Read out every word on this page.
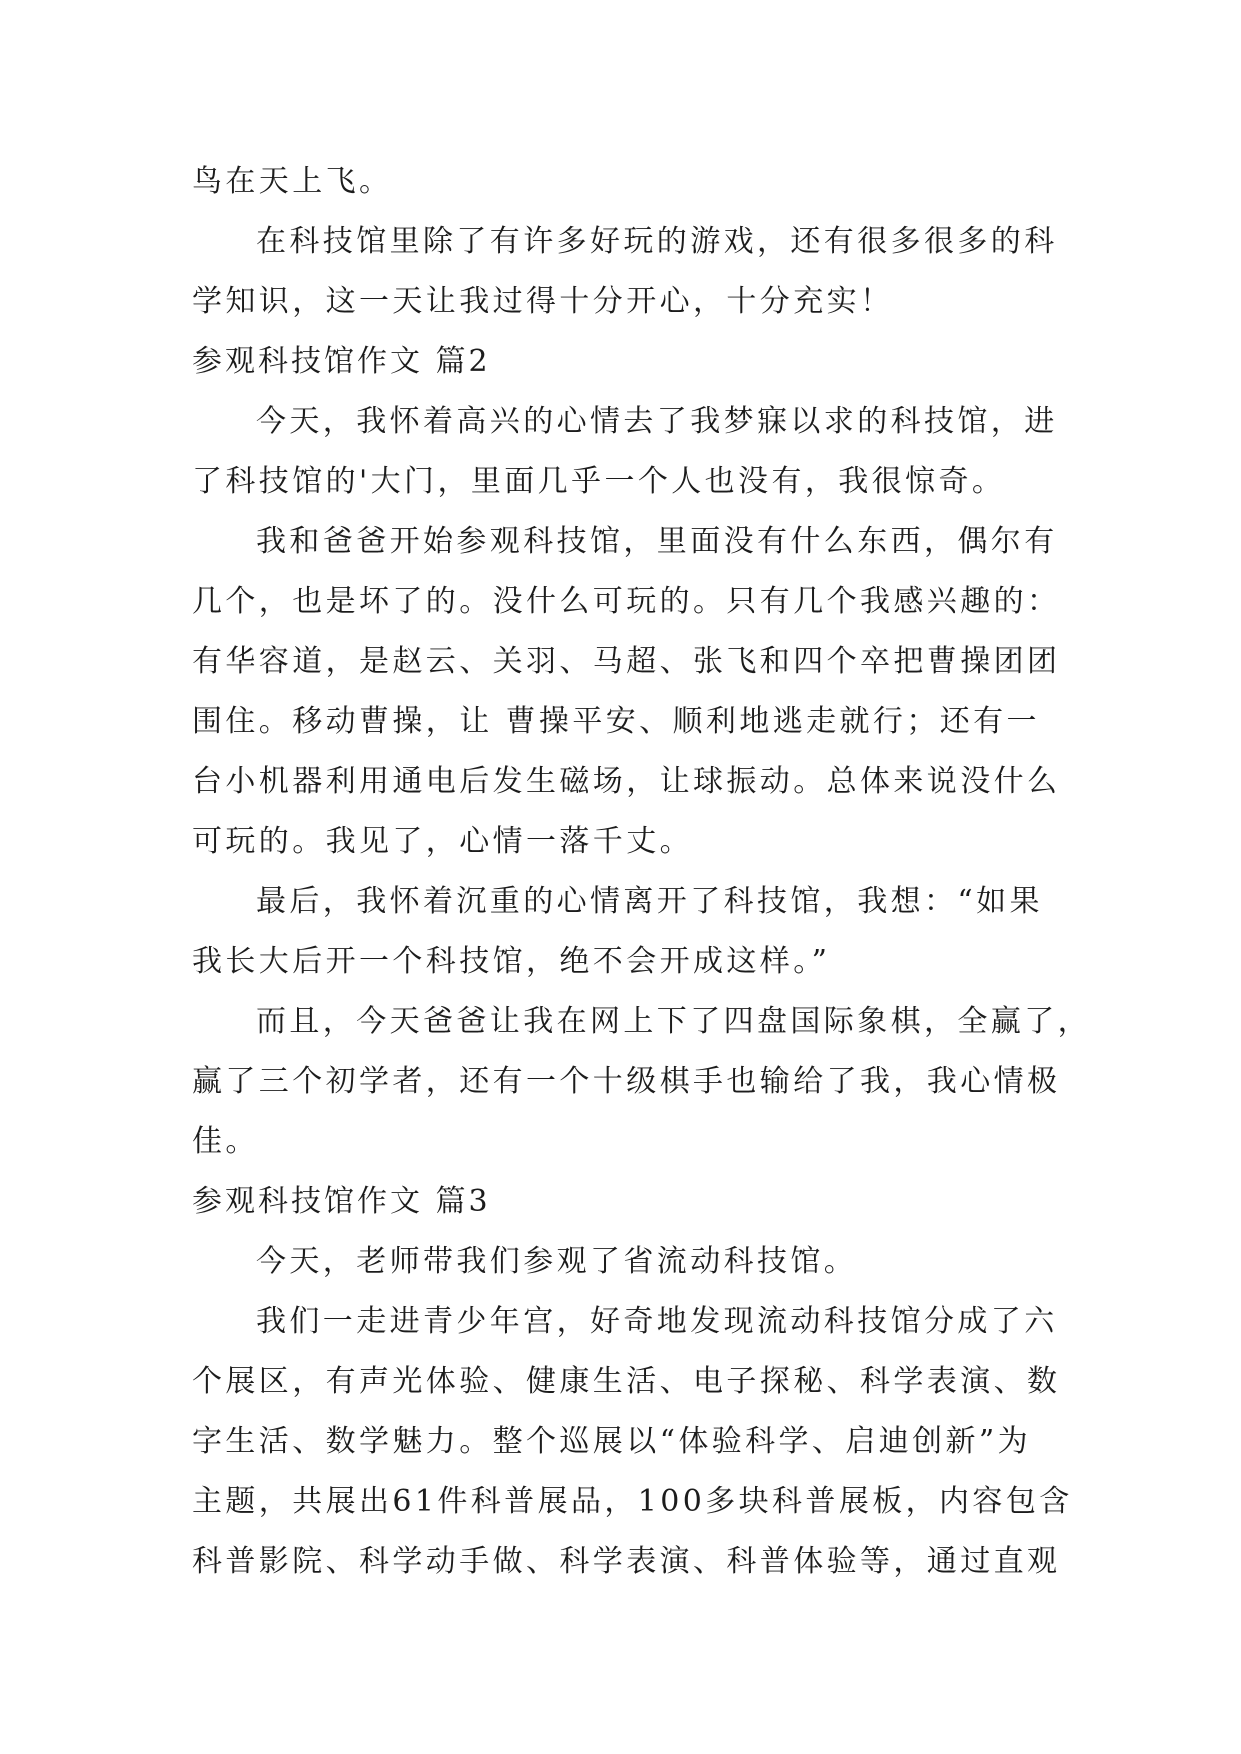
鸟在天上飞。
在科技馆里除了有许多好玩的游戏，还有很多很多的科
学知识，这一天让我过得十分开心，十分充实！
参观科技馆作文 篇2
今天，我怀着高兴的心情去了我梦寐以求的科技馆，进
了科技馆的'大门，里面几乎一个人也没有，我很惊奇。
我和爸爸开始参观科技馆，里面没有什么东西，偶尔有
几个，也是坏了的。没什么可玩的。只有几个我感兴趣的：
有华容道，是赵云、关羽、马超、张飞和四个卒把曹操团团
围住。移动曹操，让 曹操平安、顺利地逃走就行；还有一
台小机器利用通电后发生磁场，让球振动。总体来说没什么
可玩的。我见了，心情一落千丈。
最后，我怀着沉重的心情离开了科技馆，我想：“如果
我长大后开一个科技馆，绝不会开成这样。”
而且，今天爸爸让我在网上下了四盘国际象棋，全赢了，
赢了三个初学者，还有一个十级棋手也输给了我，我心情极
佳。
参观科技馆作文 篇3
今天，老师带我们参观了省流动科技馆。
我们一走进青少年宫，好奇地发现流动科技馆分成了六
个展区，有声光体验、健康生活、电子探秘、科学表演、数
字生活、数学魅力。整个巡展以“体验科学、启迪创新”为
主题，共展出61件科普展品，100多块科普展板，内容包含
科普影院、科学动手做、科学表演、科普体验等，通过直观
